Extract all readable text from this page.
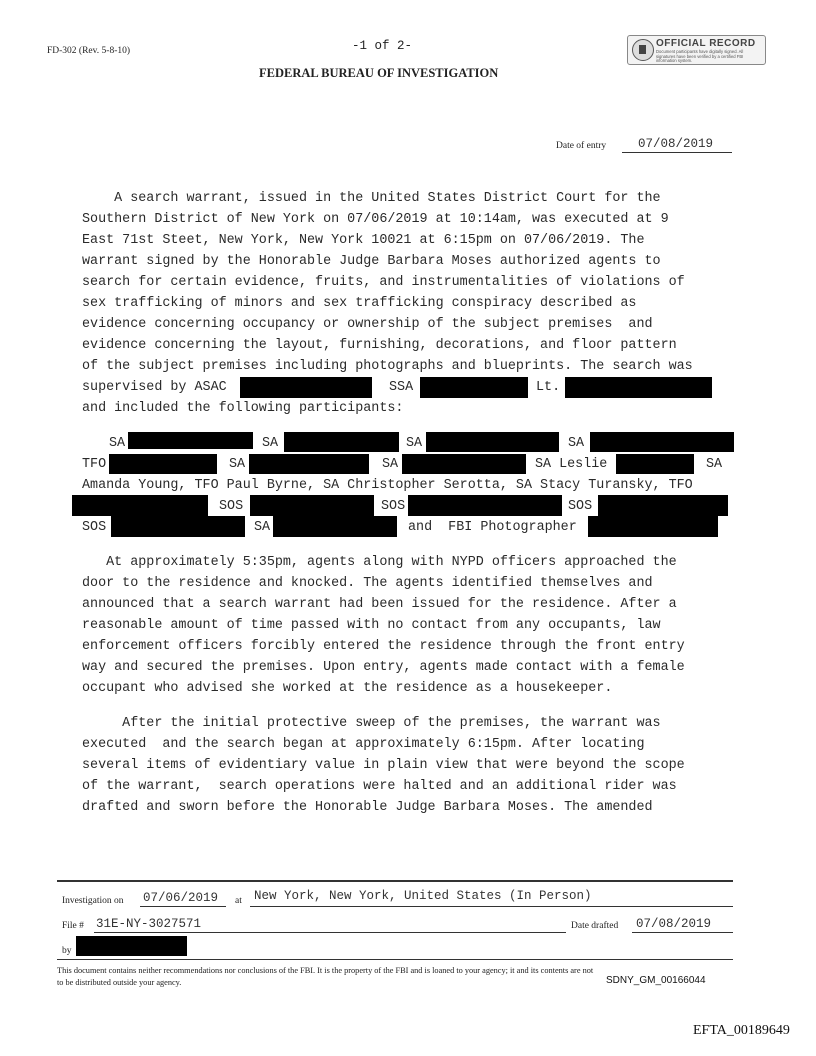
FD-302 (Rev. 5-8-10)	-1 of 2-
FEDERAL BUREAU OF INVESTIGATION
OFFICIAL RECORD
Document participants have digitally signed. All signatures have been verified by a certified FBI information system.
Date of entry	07/08/2019
A search warrant, issued in the United States District Court for the
Southern District of New York on 07/06/2019 at 10:14am, was executed at 9
East 71st Steet, New York, New York 10021 at 6:15pm on 07/06/2019. The
warrant signed by the Honorable Judge Barbara Moses authorized agents to
search for certain evidence, fruits, and instrumentalities of violations of
sex trafficking of minors and sex trafficking conspiracy described as
evidence concerning occupancy or ownership of the subject premises  and
evidence concerning the layout, furnishing, decorations, and floor pattern
of the subject premises including photographs and blueprints. The search was
supervised by ASAC	SSA	Lt.
and included the following participants:
SA	SA	SA	SA
TFO	SA	SA	SA Leslie	SA
Amanda Young, TFO Paul Byrne, SA Christopher Serotta, SA Stacy Turansky, TFO
SOS	SOS	SOS
SOS	SA	and  FBI Photographer
At approximately 5:35pm, agents along with NYPD officers approached the
door to the residence and knocked. The agents identified themselves and
announced that a search warrant had been issued for the residence. After a
reasonable amount of time passed with no contact from any occupants, law
enforcement officers forcibly entered the residence through the front entry
way and secured the premises. Upon entry, agents made contact with a female
occupant who advised she worked at the residence as a housekeeper.
After the initial protective sweep of the premises, the warrant was
executed  and the search began at approximately 6:15pm. After locating
several items of evidentiary value in plain view that were beyond the scope
of the warrant,  search operations were halted and an additional rider was
drafted and sworn before the Honorable Judge Barbara Moses. The amended
Investigation on 07/06/2019 at New York, New York, United States (In Person)
File # 31E-NY-3027571	Date drafted 07/08/2019
by
This document contains neither recommendations nor conclusions of the FBI. It is the property of the FBI and is loaned to your agency; it and its contents are not
to be distributed outside your agency.	SDNY_GM_00166044
EFTA_00189649
